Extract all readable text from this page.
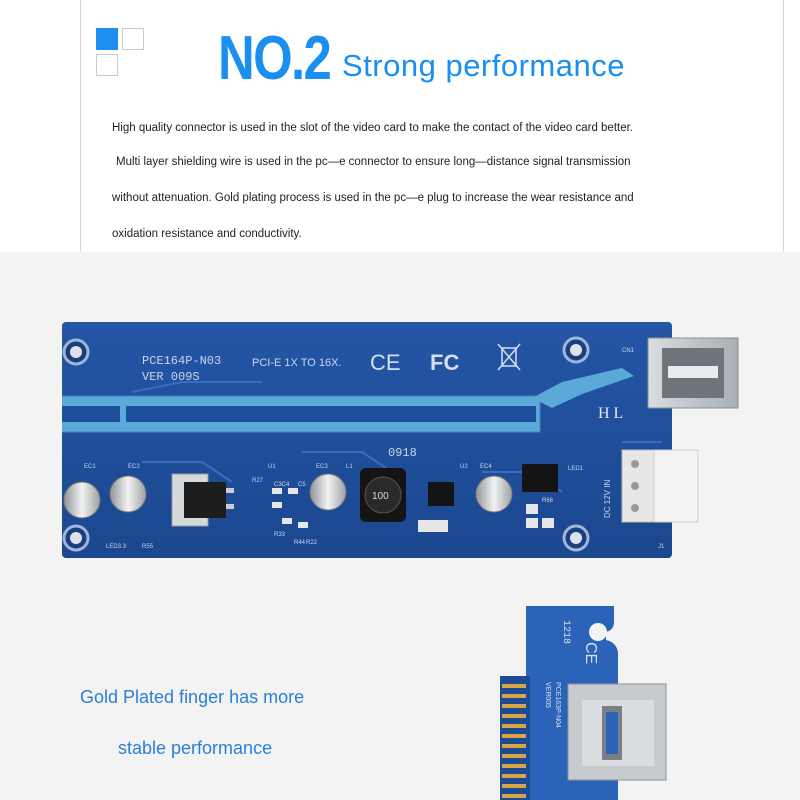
NO.2 Strong performance
High quality connector is used in the slot of the video card to make the contact of the video card better.
Multi layer shielding wire is used in the pc—e connector to ensure long—distance signal transmission
without attenuation. Gold plating process is used in the pc—e plug to increase the wear resistance and
oxidation resistance and conductivity.
PCE164P-N03
VER 009S
PCI-E 1X TO 16X. CE FC
H L
0918
100	DC 12V IN
EC1	EC2
R27
U1
C3C4 C5
EC3	L1	U2 EC4
R66
LED1
LED3.3	R55
R33
R44 R22
CN1
J1
Gold Plated finger has more
stable performance
1218
CE
PCE163P-N04
VER005
